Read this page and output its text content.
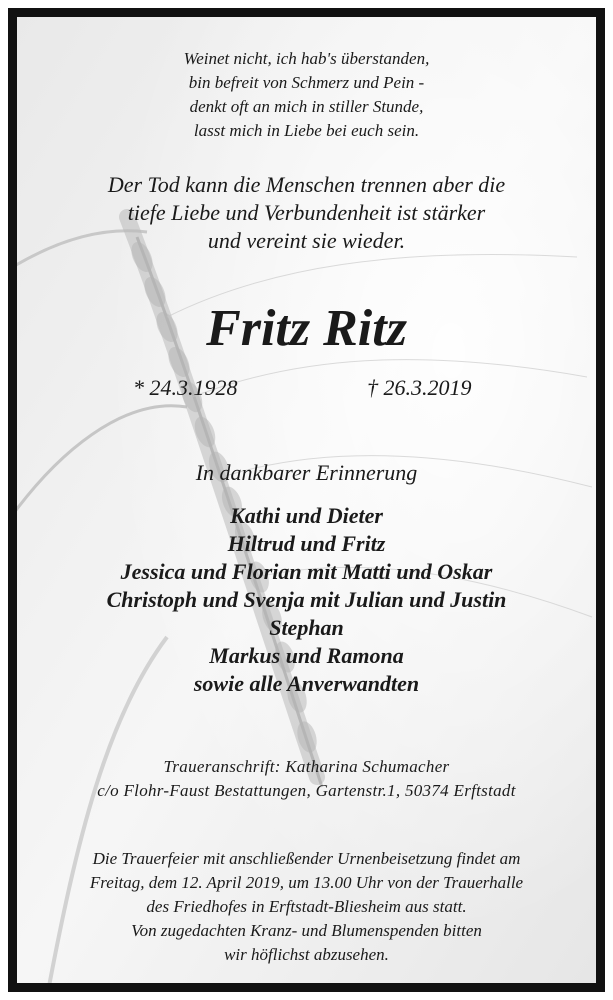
Weinet nicht, ich hab's überstanden,
bin befreit von Schmerz und Pein -
denkt oft an mich in stiller Stunde,
lasst mich in Liebe bei euch sein.
Der Tod kann die Menschen trennen aber die
tiefe Liebe und Verbundenheit ist stärker
und vereint sie wieder.
Fritz Ritz
* 24.3.1928	† 26.3.2019
In dankbarer Erinnerung
Kathi und Dieter
Hiltrud und Fritz
Jessica und Florian mit Matti und Oskar
Christoph und Svenja mit Julian und Justin
Stephan
Markus und Ramona
sowie alle Anverwandten
Traueranschrift: Katharina Schumacher
c/o Flohr-Faust Bestattungen, Gartenstr.1, 50374 Erftstadt
Die Trauerfeier mit anschließender Urnenbeisetzung findet am
Freitag, dem 12. April 2019, um 13.00 Uhr von der Trauerhalle
des Friedhofes in Erftstadt-Bliesheim aus statt.
Von zugedachten Kranz- und Blumenspenden bitten
wir höflichst abzusehen.
